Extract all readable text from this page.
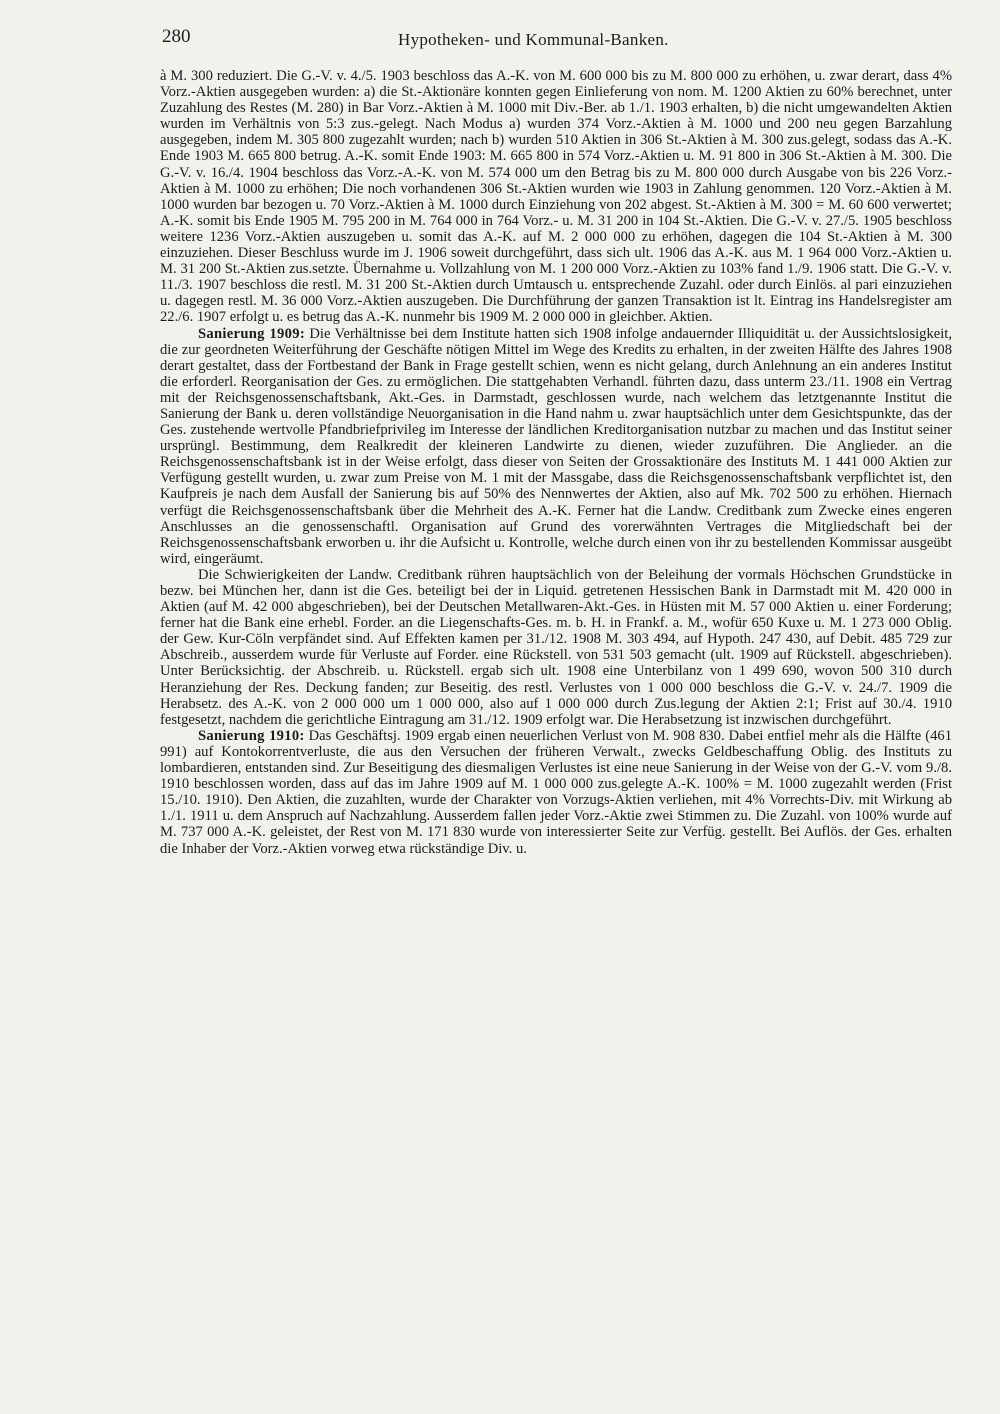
280	Hypotheken- und Kommunal-Banken.

à M. 300 reduziert. Die G.-V. v. 4./5. 1903 beschloss das A.-K. von M. 600 000 bis zu M. 800 000 zu erhöhen, u. zwar derart, dass 4% Vorz.-Aktien ausgegeben wurden: a) die St.-Aktionäre konnten gegen Einlieferung von nom. M. 1200 Aktien zu 60% berechnet, unter Zuzahlung des Restes (M. 280) in Bar Vorz.-Aktien à M. 1000 mit Div.-Ber. ab 1./1. 1903 erhalten, b) die nicht umgewandelten Aktien wurden im Verhältnis von 5:3 zus.-gelegt. Nach Modus a) wurden 374 Vorz.-Aktien à M. 1000 und 200 neu gegen Barzahlung ausgegeben, indem M. 305 800 zugezahlt wurden; nach b) wurden 510 Aktien in 306 St.-Aktien à M. 300 zus.gelegt, sodass das A.-K. Ende 1903 M. 665 800 betrug. A.-K. somit Ende 1903: M. 665 800 in 574 Vorz.-Aktien u. M. 91 800 in 306 St.-Aktien à M. 300. Die G.-V. v. 16./4. 1904 beschloss das Vorz.-A.-K. von M. 574 000 um den Betrag bis zu M. 800 000 durch Ausgabe von bis 226 Vorz.-Aktien à M. 1000 zu erhöhen; Die noch vorhandenen 306 St.-Aktien wurden wie 1903 in Zahlung genommen. 120 Vorz.-Aktien à M. 1000 wurden bar bezogen u. 70 Vorz.-Aktien à M. 1000 durch Einziehung von 202 abgest. St.-Aktien à M. 300 = M. 60 600 verwertet; A.-K. somit bis Ende 1905 M. 795 200 in M. 764 000 in 764 Vorz.- u. M. 31 200 in 104 St.-Aktien. Die G.-V. v. 27./5. 1905 beschloss weitere 1236 Vorz.-Aktien auszugeben u. somit das A.-K. auf M. 2 000 000 zu erhöhen, dagegen die 104 St.-Aktien à M. 300 einzuziehen. Dieser Beschluss wurde im J. 1906 soweit durchgeführt, dass sich ult. 1906 das A.-K. aus M. 1 964 000 Vorz.-Aktien u. M. 31 200 St.-Aktien zus.setzte. Übernahme u. Vollzahlung von M. 1 200 000 Vorz.-Aktien zu 103% fand 1./9. 1906 statt. Die G.-V. v. 11./3. 1907 beschloss die restl. M. 31 200 St.-Aktien durch Umtausch u. entsprechende Zuzahl. oder durch Einlös. al pari einzuziehen u. dagegen restl. M. 36 000 Vorz.-Aktien auszugeben. Die Durchführung der ganzen Transaktion ist lt. Eintrag ins Handelsregister am 22./6. 1907 erfolgt u. es betrug das A.-K. nunmehr bis 1909 M. 2 000 000 in gleichber. Aktien.

Sanierung 1909: Die Verhältnisse bei dem Institute hatten sich 1908 infolge andauernder Illiquidität u. der Aussichtslosigkeit, die zur geordneten Weiterführung der Geschäfte nötigen Mittel im Wege des Kredits zu erhalten, in der zweiten Hälfte des Jahres 1908 derart gestaltet, dass der Fortbestand der Bank in Frage gestellt schien, wenn es nicht gelang, durch Anlehnung an ein anderes Institut die erforderl. Reorganisation der Ges. zu ermöglichen. Die stattgehabten Verhandl. führten dazu, dass unterm 23./11. 1908 ein Vertrag mit der Reichsgenossenschaftsbank, Akt.-Ges. in Darmstadt, geschlossen wurde, nach welchem das letztgenannte Institut die Sanierung der Bank u. deren vollständige Neuorganisation in die Hand nahm u. zwar hauptsächlich unter dem Gesichtspunkte, das der Ges. zustehende wertvolle Pfandbriefprivileg im Interesse der ländlichen Kreditorganisation nutzbar zu machen und das Institut seiner ursprüngl. Bestimmung, dem Realkredit der kleineren Landwirte zu dienen, wieder zuzuführen. Die Anglieder. an die Reichsgenossenschaftsbank ist in der Weise erfolgt, dass dieser von Seiten der Grossaktionäre des Instituts M. 1 441 000 Aktien zur Verfügung gestellt wurden, u. zwar zum Preise von M. 1 mit der Massgabe, dass die Reichsgenossenschaftsbank verpflichtet ist, den Kaufpreis je nach dem Ausfall der Sanierung bis auf 50% des Nennwertes der Aktien, also auf Mk. 702 500 zu erhöhen. Hiernach verfügt die Reichsgenossenschaftsbank über die Mehrheit des A.-K. Ferner hat die Landw. Creditbank zum Zwecke eines engeren Anschlusses an die genossenschaftl. Organisation auf Grund des vorerwähnten Vertrages die Mitgliedschaft bei der Reichsgenossenschaftsbank erworben u. ihr die Aufsicht u. Kontrolle, welche durch einen von ihr zu bestellenden Kommissar ausgeübt wird, eingeräumt.

Die Schwierigkeiten der Landw. Creditbank rühren hauptsächlich von der Beleihung der vormals Höchschen Grundstücke in bezw. bei München her, dann ist die Ges. beteiligt bei der in Liquid. getretenen Hessischen Bank in Darmstadt mit M. 420 000 in Aktien (auf M. 42 000 abgeschrieben), bei der Deutschen Metallwaren-Akt.-Ges. in Hüsten mit M. 57 000 Aktien u. einer Forderung; ferner hat die Bank eine erhebl. Forder. an die Liegenschafts-Ges. m. b. H. in Frankf. a. M., wofür 650 Kuxe u. M. 1 273 000 Oblig. der Gew. Kur-Cöln verpfändet sind. Auf Effekten kamen per 31./12. 1908 M. 303 494, auf Hypoth. 247 430, auf Debit. 485 729 zur Abschreib., ausserdem wurde für Verluste auf Forder. eine Rückstell. von 531 503 gemacht (ult. 1909 auf Rückstell. abgeschrieben). Unter Berücksichtig. der Abschreib. u. Rückstell. ergab sich ult. 1908 eine Unterbilanz von 1 499 690, wovon 500 310 durch Heranziehung der Res. Deckung fanden; zur Beseitig. des restl. Verlustes von 1 000 000 beschloss die G.-V. v. 24./7. 1909 die Herabsetz. des A.-K. von 2 000 000 um 1 000 000, also auf 1 000 000 durch Zus.legung der Aktien 2:1; Frist auf 30./4. 1910 festgesetzt, nachdem die gerichtliche Eintragung am 31./12. 1909 erfolgt war. Die Herabsetzung ist inzwischen durchgeführt.

Sanierung 1910: Das Geschäftsj. 1909 ergab einen neuerlichen Verlust von M. 908 830. Dabei entfiel mehr als die Hälfte (461 991) auf Kontokorrentverluste, die aus den Versuchen der früheren Verwalt., zwecks Geldbeschaffung Oblig. des Instituts zu lombardieren, entstanden sind. Zur Beseitigung des diesmaligen Verlustes ist eine neue Sanierung in der Weise von der G.-V. vom 9./8. 1910 beschlossen worden, dass auf das im Jahre 1909 auf M. 1 000 000 zus.gelegte A.-K. 100% = M. 1000 zugezahlt werden (Frist 15./10. 1910). Den Aktien, die zuzahlten, wurde der Charakter von Vorzugs-Aktien verliehen, mit 4% Vorrechts-Div. mit Wirkung ab 1./1. 1911 u. dem Anspruch auf Nachzahlung. Ausserdem fallen jeder Vorz.-Aktie zwei Stimmen zu. Die Zuzahl. von 100% wurde auf M. 737 000 A.-K. geleistet, der Rest von M. 171 830 wurde von interessierter Seite zur Verfüg. gestellt. Bei Auflös. der Ges. erhalten die Inhaber der Vorz.-Aktien vorweg etwa rückständige Div. u.
